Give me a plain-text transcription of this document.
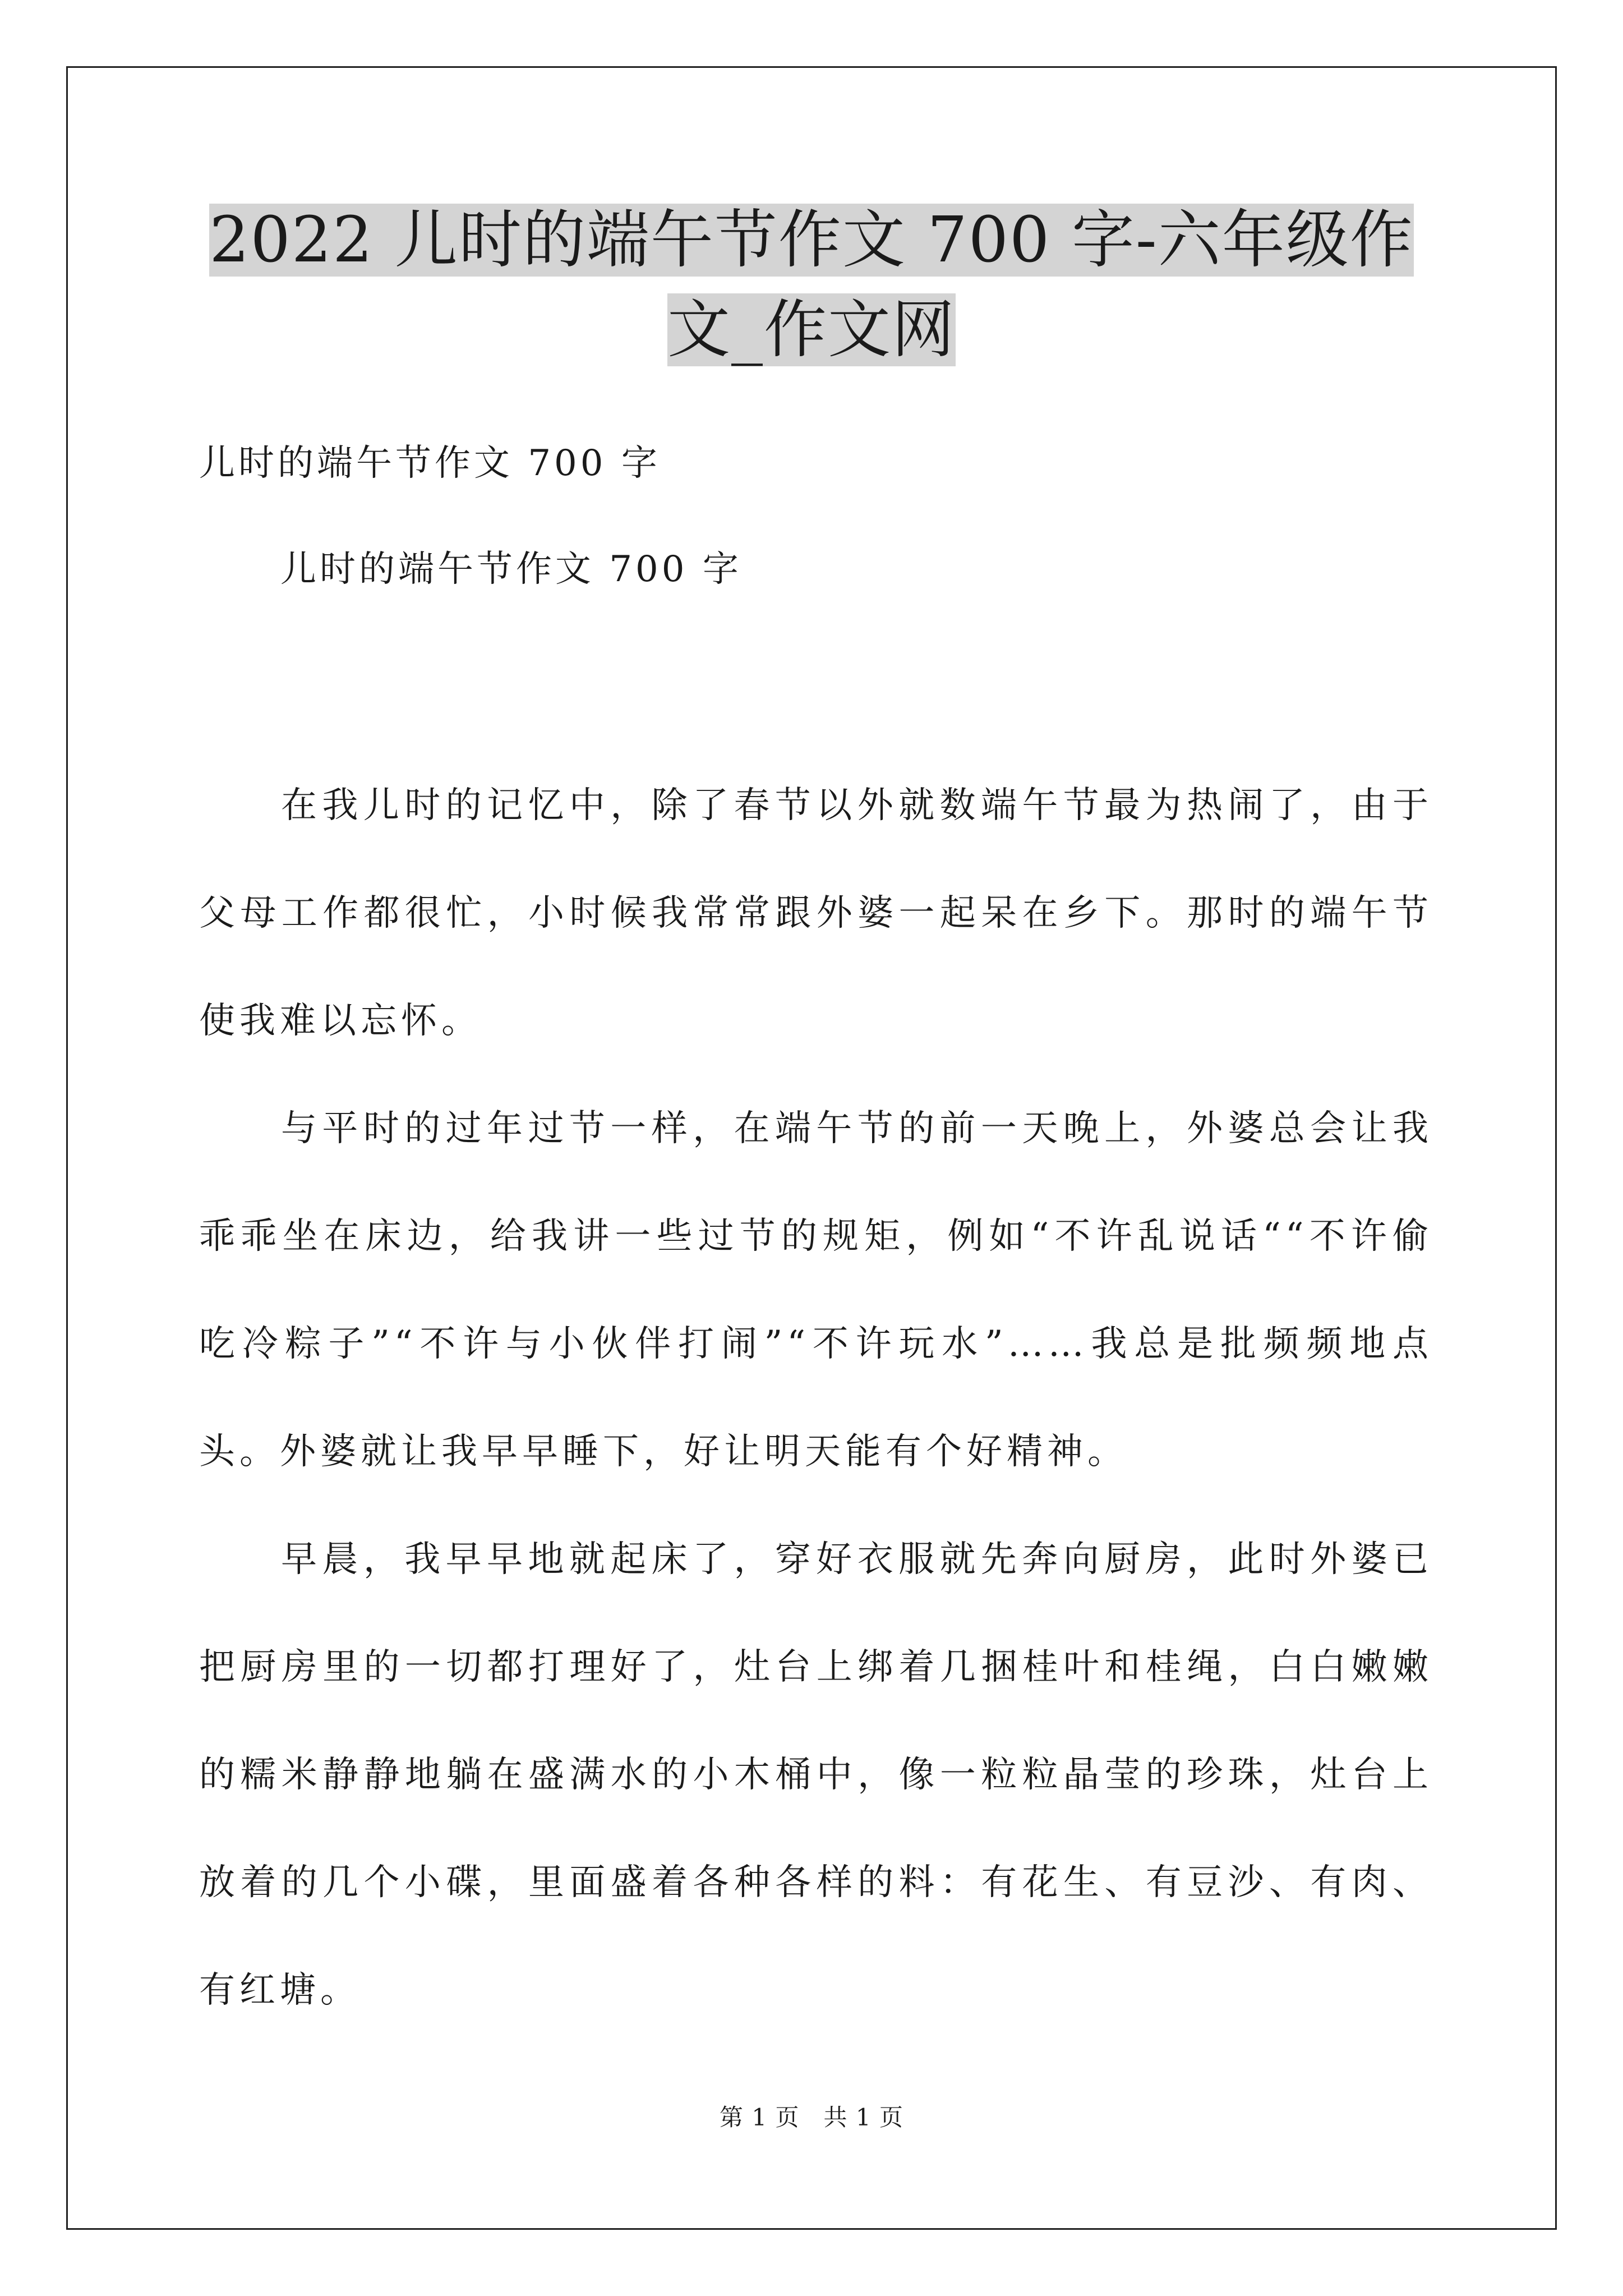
2022 儿时的端午节作文 700 字-六年级作文_作文网
儿时的端午节作文 700 字
儿时的端午节作文 700 字

在我儿时的记忆中，除了春节以外就数端午节最为热闹了，由于父母工作都很忙，小时候我常常跟外婆一起呆在乡下。那时的端午节使我难以忘怀。

与平时的过年过节一样，在端午节的前一天晚上，外婆总会让我乖乖坐在床边，给我讲一些过节的规矩，例如“不许乱说话““不许偷吃冷粽子”“不许与小伙伴打闹”“不许玩水”……我总是批频频地点头。外婆就让我早早睡下，好让明天能有个好精神。

早晨，我早早地就起床了，穿好衣服就先奔向厨房，此时外婆已把厨房里的一切都打理好了，灶台上绑着几捆桂叶和桂绳，白白嫩嫩的糯米静静地躺在盛满水的小木桶中，像一粒粒晶莹的珍珠，灶台上放着的几个小碟，里面盛着各种各样的料：有花生、有豆沙、有肉、有红塘。

第 1 页   共 1 页
